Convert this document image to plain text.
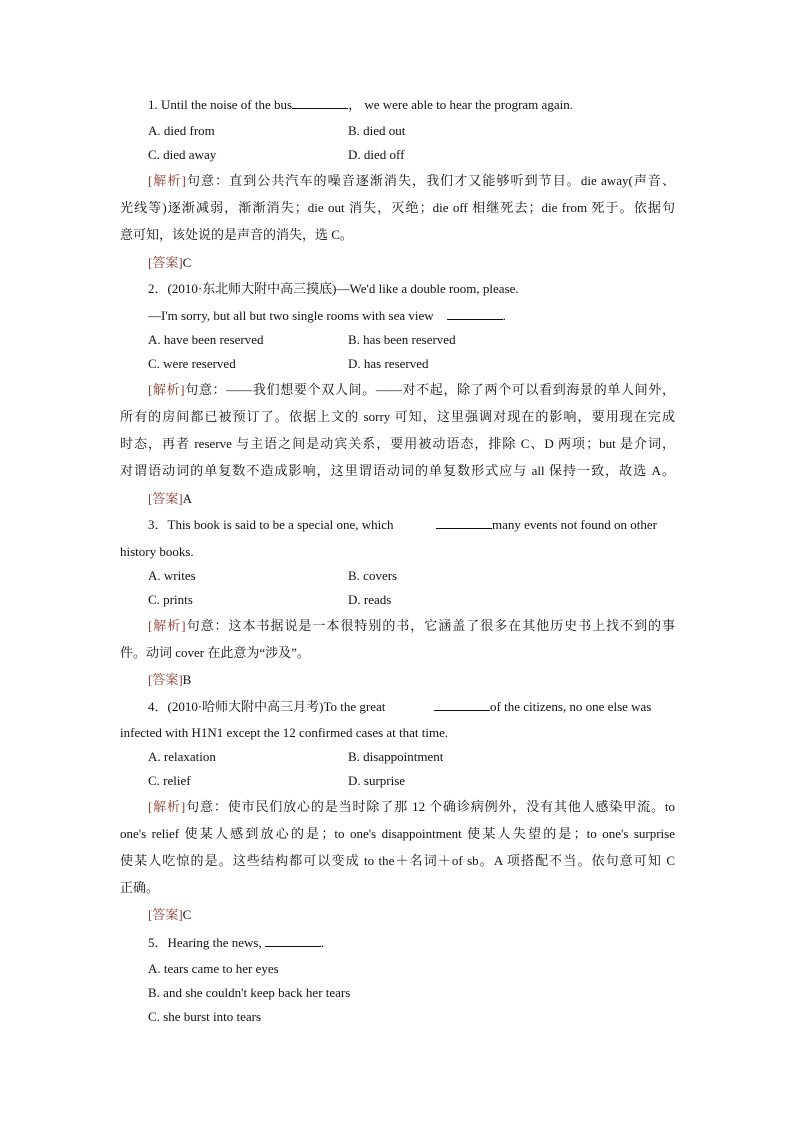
1. Until the noise of the bus	， we were able to hear the program again.
A. died from	B. died out
C. died away	D. died off
[解析]句意：直到公共汽车的噪音逐渐消失，我们才又能够听到节目。die away(声音、
光线等)逐渐减弱，渐渐消失；die out 消失，灭绝；die off 相继死去；die from 死于。依据句
意可知，该处说的是声音的消失，选 C。
[答案]C
2．(2010·东北师大附中高三摸底)—We'd like a double room, please.
—I'm sorry, but all but two single rooms with sea view	.
A. have been reserved	B. has been reserved
C. were reserved	D. has reserved
[解析]句意：——我们想要个双人间。——对不起，除了两个可以看到海景的单人间外，
所有的房间都已被预订了。依据上文的 sorry 可知，这里强调对现在的影响，要用现在完成
时态，再者 reserve 与主语之间是动宾关系，要用被动语态，排除 C、D 两项；but 是介词，
对谓语动词的单复数不造成影响，这里谓语动词的单复数形式应与 all 保持一致，故选 A。
[答案]A
3．This book is said to be a special one, which	many events not found on other
history books.
A. writes	B. covers
C. prints	D. reads
[解析]句意：这本书据说是一本很特别的书，它涵盖了很多在其他历史书上找不到的事
件。动词 cover 在此意为“涉及”。
[答案]B
4．(2010·哈师大附中高三月考)To the great	of the citizens, no one else was
infected with H1N1 except the 12 confirmed cases at that time.
A. relaxation	B. disappointment
C. relief	D. surprise
[解析]句意：使市民们放心的是当时除了那 12 个确诊病例外，没有其他人感染甲流。to
one's relief 使某人感到放心的是；to one's disappointment 使某人失望的是；to one's surprise
使某人吃惊的是。这些结构都可以变成 to the＋名词＋of sb。A 项搭配不当。依句意可知 C
正确。
[答案]C
5．Hearing the news,	.
A. tears came to her eyes
B. and she couldn't keep back her tears
C. she burst into tears
